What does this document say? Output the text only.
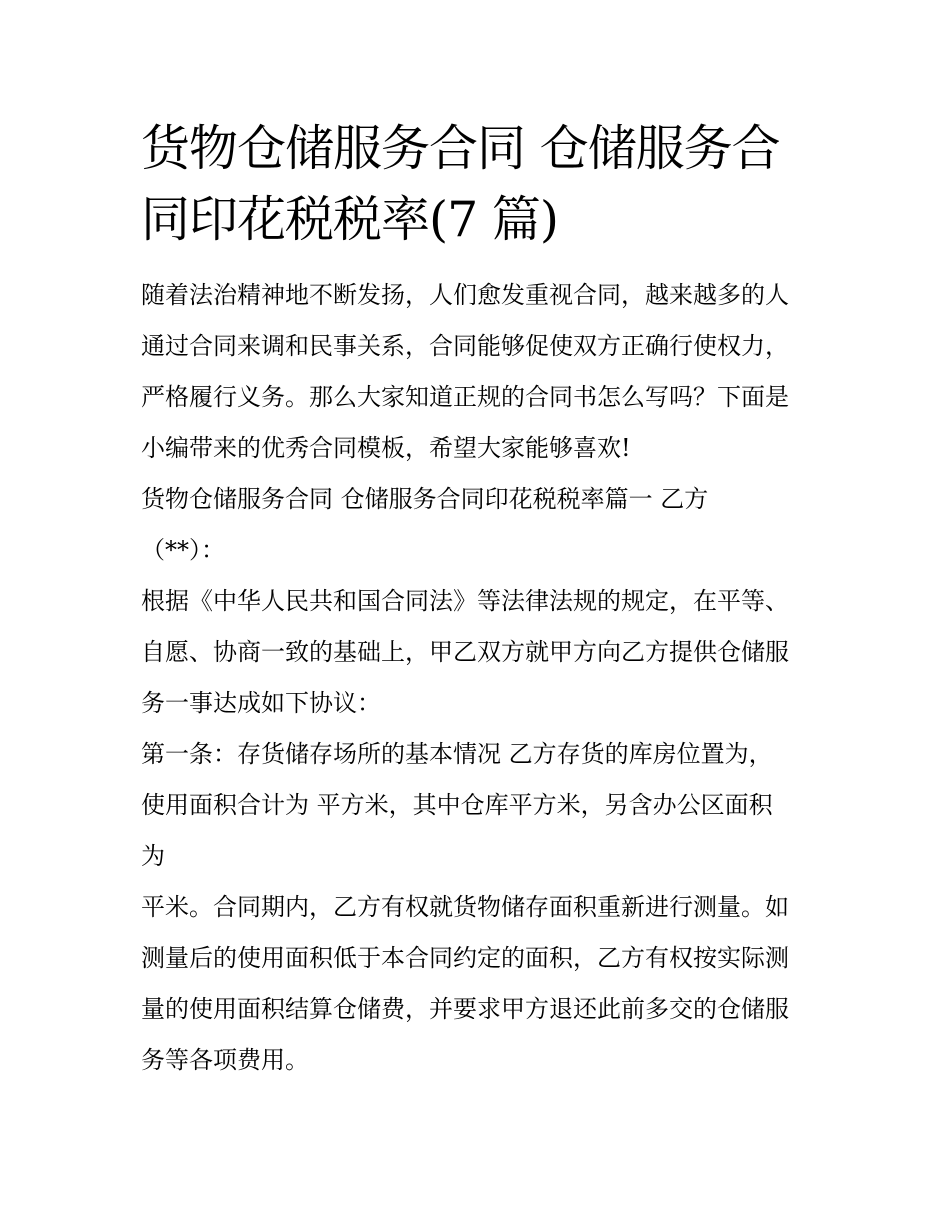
货物仓储服务合同 仓储服务合
同印花税税率(7 篇)

随着法治精神地不断发扬，人们愈发重视合同，越来越多的人
通过合同来调和民事关系，合同能够促使双方正确行使权力，
严格履行义务。那么大家知道正规的合同书怎么写吗？下面是
小编带来的优秀合同模板，希望大家能够喜欢!

货物仓储服务合同 仓储服务合同印花税税率篇一 乙方
（**）：

根据《中华人民共和国合同法》等法律法规的规定，在平等、
自愿、协商一致的基础上，甲乙双方就甲方向乙方提供仓储服
务一事达成如下协议：

第一条：存货储存场所的基本情况 乙方存货的库房位置为，
使用面积合计为 平方米，其中仓库平方米，另含办公区面积
为

平米。合同期内，乙方有权就货物储存面积重新进行测量。如
测量后的使用面积低于本合同约定的面积，乙方有权按实际测
量的使用面积结算仓储费，并要求甲方退还此前多交的仓储服
务等各项费用。
